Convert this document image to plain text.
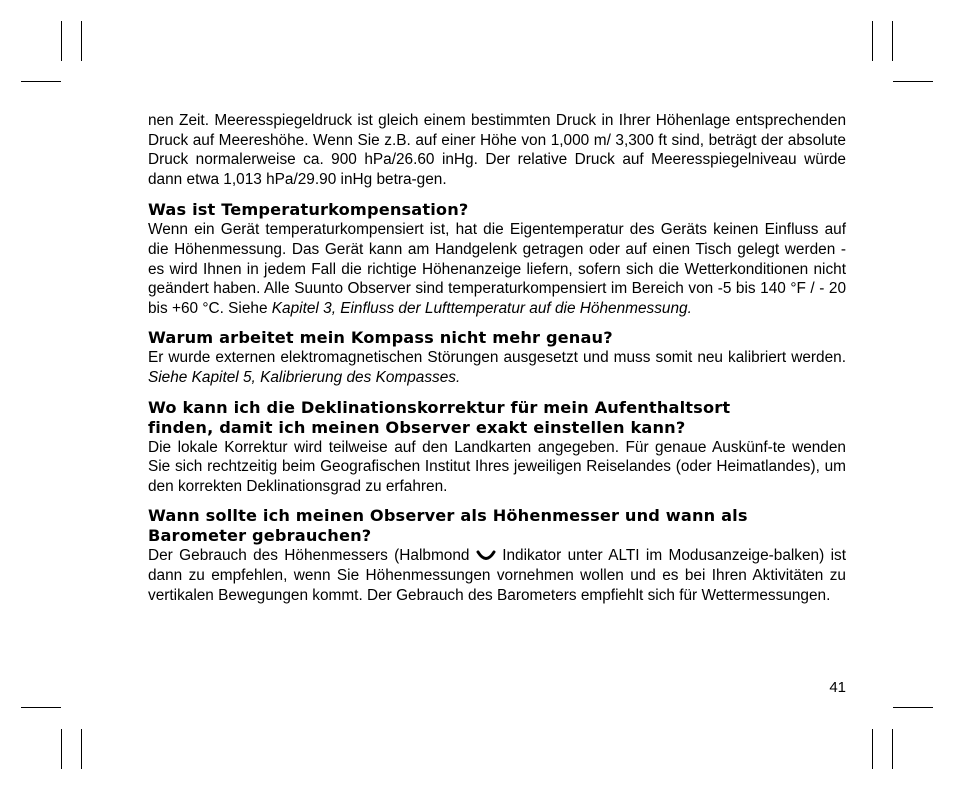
nen Zeit. Meeresspiegeldruck ist gleich einem bestimmten Druck in Ihrer Höhenlage entsprechenden Druck auf Meereshöhe. Wenn Sie z.B. auf einer Höhe von 1,000 m/ 3,300 ft sind, beträgt der absolute Druck normalerweise ca. 900 hPa/26.60 inHg. Der relative Druck auf Meeresspiegelniveau würde dann etwa 1,013 hPa/29.90 inHg betra-gen.

Was ist Temperaturkompensation?

Wenn ein Gerät temperaturkompensiert ist, hat die Eigentemperatur des Geräts keinen Einfluss auf die Höhenmessung. Das Gerät kann am Handgelenk getragen oder auf einen Tisch gelegt werden - es wird Ihnen in jedem Fall die richtige Höhenanzeige liefern, sofern sich die Wetterkonditionen nicht geändert haben. Alle Suunto Observer sind temperaturkompensiert im Bereich von -5 bis 140 °F / - 20 bis +60 °C. Siehe Kapitel 3, Einfluss der Lufttemperatur auf die Höhenmessung.

Warum arbeitet mein Kompass nicht mehr genau?

Er wurde externen elektromagnetischen Störungen ausgesetzt und muss somit neu kalibriert werden. Siehe Kapitel 5, Kalibrierung des Kompasses.

Wo kann ich die Deklinationskorrektur für mein Aufenthaltsort
finden, damit ich meinen Observer exakt einstellen kann?

Die lokale Korrektur wird teilweise auf den Landkarten angegeben. Für genaue Auskünf-te wenden Sie sich rechtzeitig beim Geografischen Institut Ihres jeweiligen Reiselandes (oder Heimatlandes), um den korrekten Deklinationsgrad zu erfahren.

Wann sollte ich meinen Observer als Höhenmesser und wann als
Barometer gebrauchen?

Der Gebrauch des Höhenmessers (Halbmond  Indikator unter ALTI im Modusanzeige-balken) ist dann zu empfehlen, wenn Sie Höhenmessungen vornehmen wollen und es bei Ihren Aktivitäten zu vertikalen Bewegungen kommt. Der Gebrauch des Barometers empfiehlt sich für Wettermessungen.

41
